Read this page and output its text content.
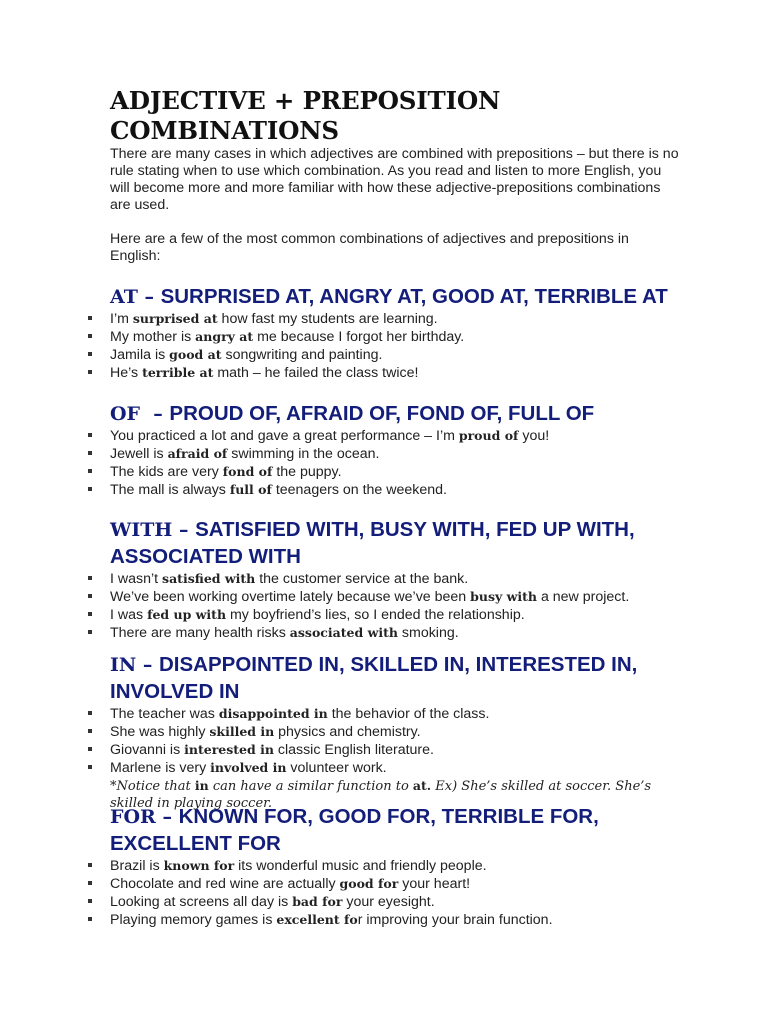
ADJECTIVE + PREPOSITION COMBINATIONS

There are many cases in which adjectives are combined with prepositions – but there is no rule stating when to use which combination. As you read and listen to more English, you will become more and more familiar with how these adjective-prepositions combinations are used.

Here are a few of the most common combinations of adjectives and prepositions in English:

AT – SURPRISED AT, ANGRY AT, GOOD AT, TERRIBLE AT
I’m surprised at how fast my students are learning.
My mother is angry at me because I forgot her birthday.
Jamila is good at songwriting and painting.
He’s terrible at math – he failed the class twice!
OF  – PROUD OF, AFRAID OF, FOND OF, FULL OF
You practiced a lot and gave a great performance – I’m proud of you!
Jewell is afraid of swimming in the ocean.
The kids are very fond of the puppy.
The mall is always full of teenagers on the weekend.
WITH – SATISFIED WITH, BUSY WITH, FED UP WITH, ASSOCIATED WITH
I wasn’t satisfied with the customer service at the bank.
We’ve been working overtime lately because we’ve been busy with a new project.
I was fed up with my boyfriend’s lies, so I ended the relationship.
There are many health risks associated with smoking.
IN – DISAPPOINTED IN, SKILLED IN, INTERESTED IN, INVOLVED IN
The teacher was disappointed in the behavior of the class.
She was highly skilled in physics and chemistry.
Giovanni is interested in classic English literature.
Marlene is very involved in volunteer work.
*Notice that in can have a similar function to at. Ex) She’s skilled at soccer. She’s skilled in playing soccer.
FOR – KNOWN FOR, GOOD FOR, TERRIBLE FOR, EXCELLENT FOR
Brazil is known for its wonderful music and friendly people.
Chocolate and red wine are actually good for your heart!
Looking at screens all day is bad for your eyesight.
Playing memory games is excellent for improving your brain function.
